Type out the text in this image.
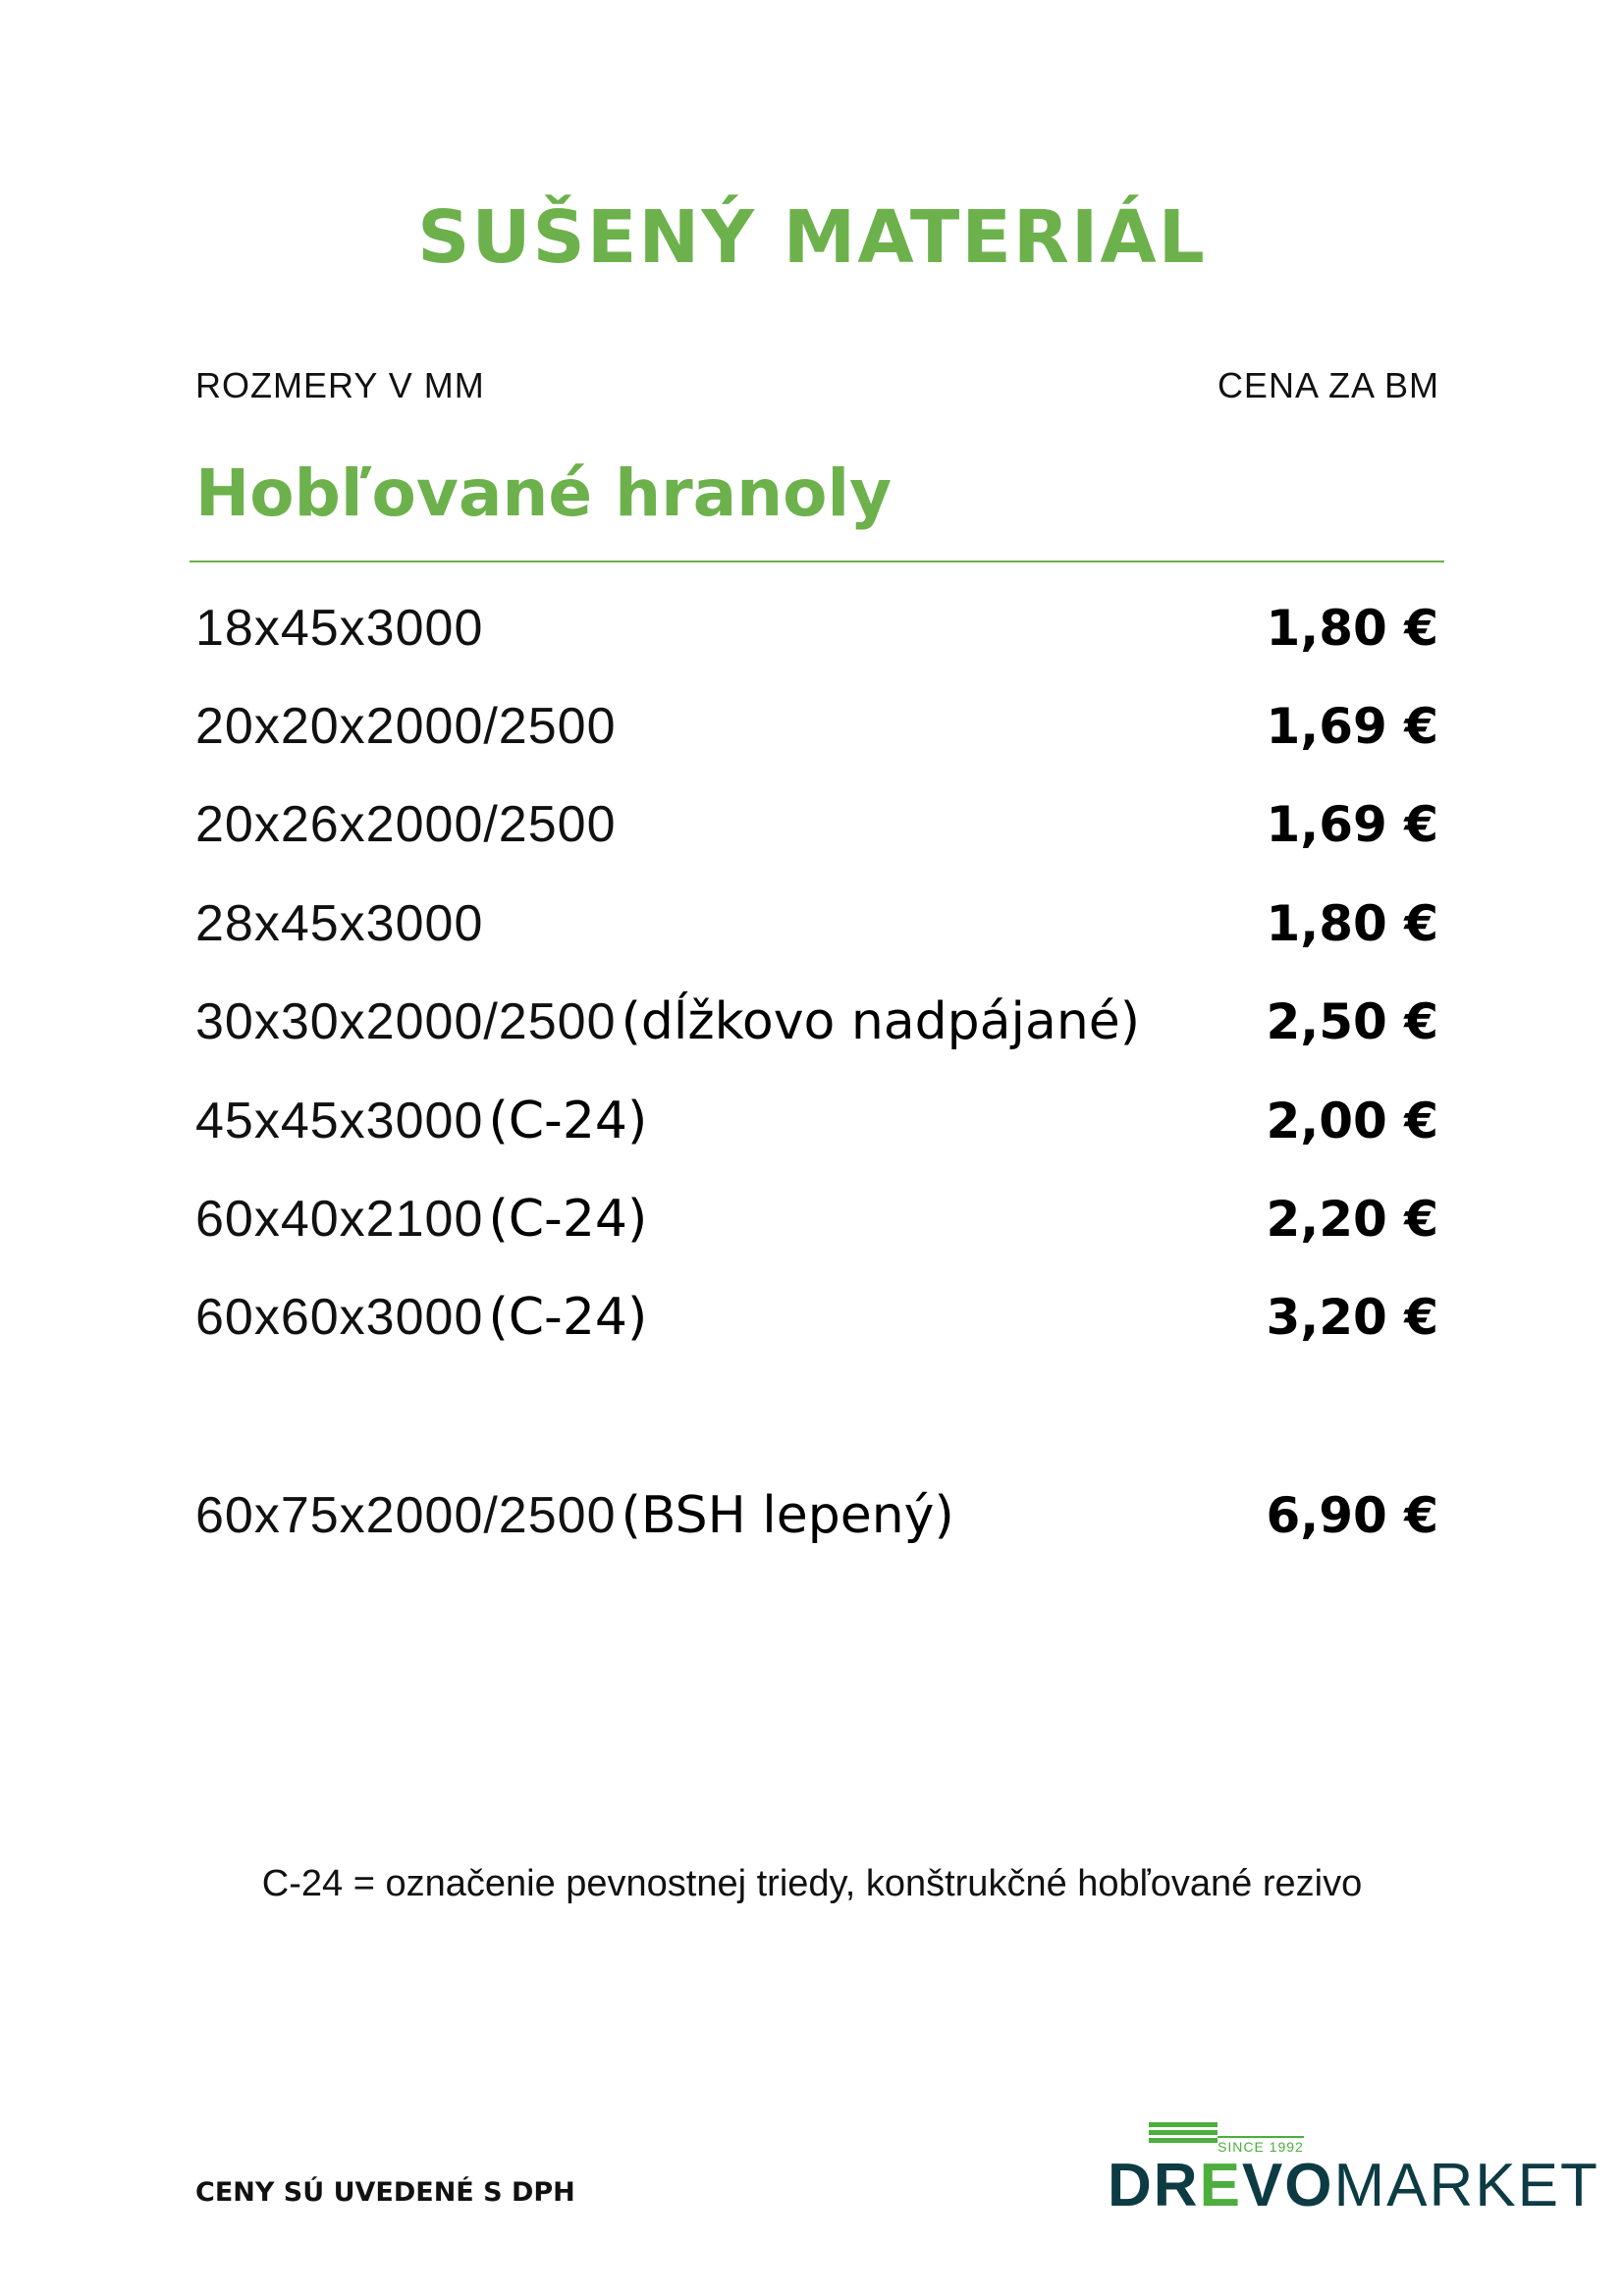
SUŠENÝ MATERIÁL
ROZMERY V MM	CENA ZA BM
Hobľované hranoly
18x45x3000	1,80 €
20x20x2000/2500	1,69 €
20x26x2000/2500	1,69 €
28x45x3000	1,80 €
30x30x2000/2500 (dĺžkovo nadpájané)	2,50 €
45x45x3000 (C-24)	2,00 €
60x40x2100 (C-24)	2,20 €
60x60x3000 (C-24)	3,20 €
60x75x2000/2500 (BSH lepený)	6,90 €
C-24 = označenie pevnostnej triedy, konštrukčné hobľované rezivo
CENY SÚ UVEDENÉ S DPH
SINCE 1992
DREVOMARKET
